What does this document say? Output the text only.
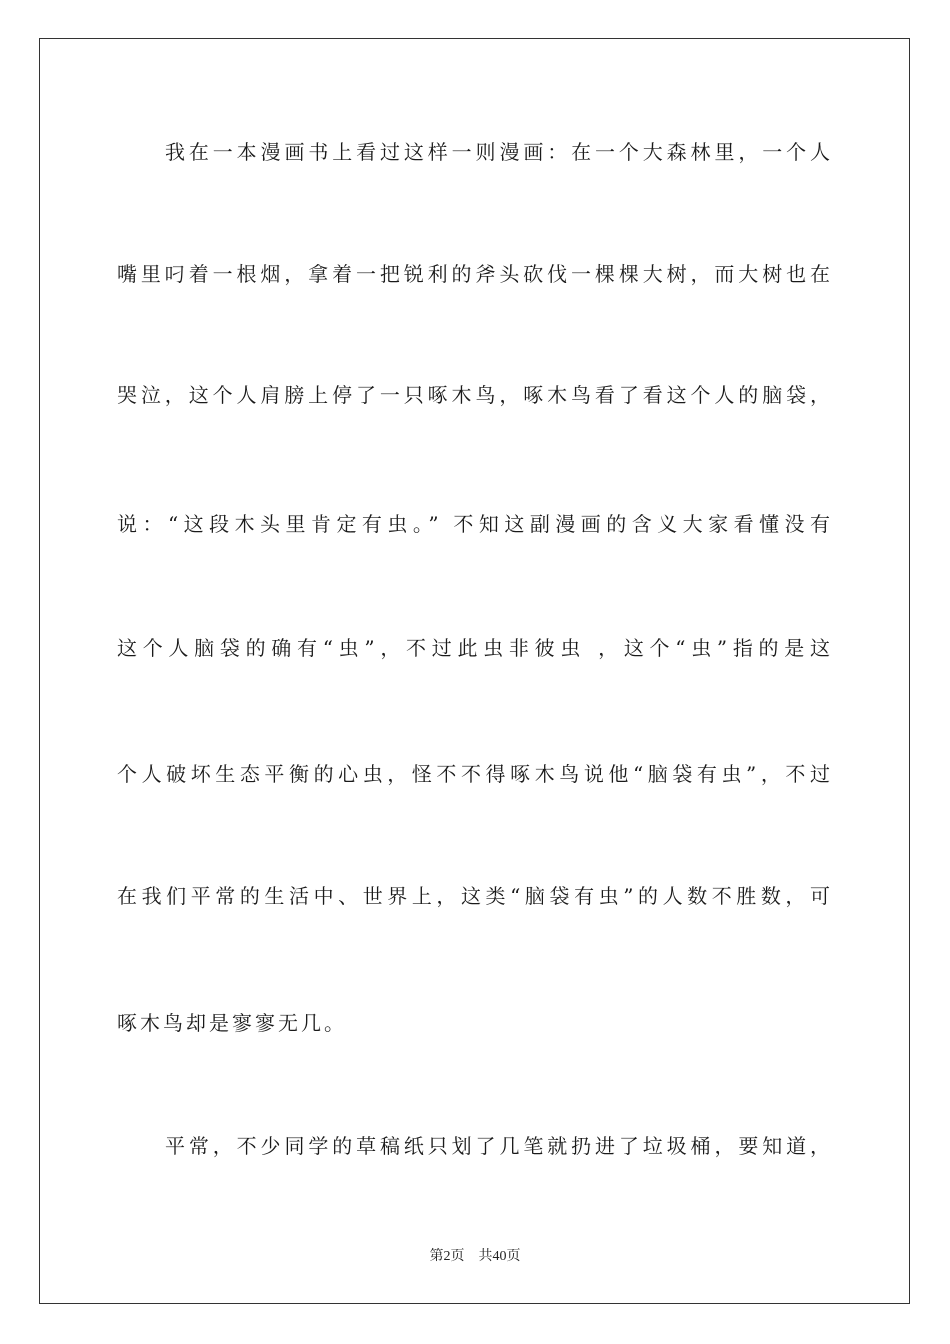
我在一本漫画书上看过这样一则漫画：在一个大森林里，一个人
嘴里叼着一根烟，拿着一把锐利的斧头砍伐一棵棵大树，而大树也在
哭泣，这个人肩膀上停了一只啄木鸟，啄木鸟看了看这个人的脑袋，
说：“这段木头里肯定有虫。” 不知这副漫画的含义大家看懂没有
这个人脑袋的确有“虫”，不过此虫非彼虫 ，这个“虫”指的是这
个人破坏生态平衡的心虫，怪不不得啄木鸟说他“脑袋有虫”，不过
在我们平常的生活中、世界上，这类“脑袋有虫”的人数不胜数，可
啄木鸟却是寥寥无几。
平常，不少同学的草稿纸只划了几笔就扔进了垃圾桶，要知道，
第2页 共40页
